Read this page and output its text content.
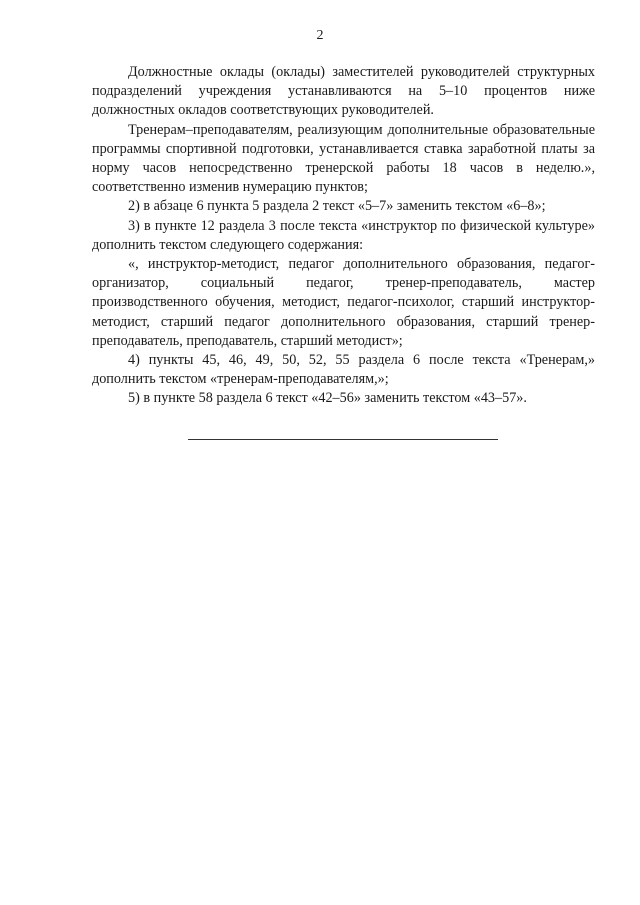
2

Должностные оклады (оклады) заместителей руководителей структурных подразделений учреждения устанавливаются на 5–10 процентов ниже должностных окладов соответствующих руководителей.

Тренерам–преподавателям, реализующим дополнительные образовательные программы спортивной подготовки, устанавливается ставка заработной платы за норму часов непосредственно тренерской работы 18 часов в неделю.», соответственно изменив нумерацию пунктов;

2) в абзаце 6 пункта 5 раздела 2 текст «5–7» заменить текстом «6–8»;

3) в пункте 12 раздела 3 после текста «инструктор по физической культуре» дополнить текстом следующего содержания:

«, инструктор-методист, педагог дополнительного образования, педагог-организатор, социальный педагог, тренер-преподаватель, мастер производственного обучения, методист, педагог-психолог, старший инструктор-методист, старший педагог дополнительного образования, старший тренер-преподаватель, преподаватель, старший методист»;

4) пункты 45, 46, 49, 50, 52, 55 раздела 6 после текста «Тренерам,» дополнить текстом «тренерам-преподавателям,»;

5) в пункте 58 раздела 6 текст «42–56» заменить текстом «43–57».
